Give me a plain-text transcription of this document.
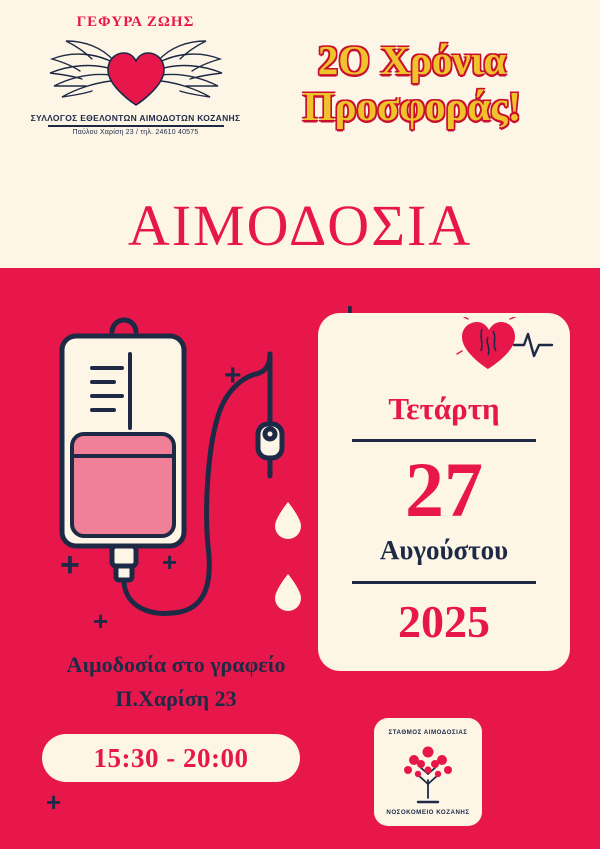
ΓΕΦΥΡΑ ΖΩΗΣ
ΣΥΛΛΟΓΟΣ ΕΘΕΛΟΝΤΩΝ ΑΙΜΟΔΟΤΩΝ ΚΟΖΑΝΗΣ
Παύλου Χαρίση 23 / τηλ. 24610 40575
2Ο Χρόνια
Προσφοράς!
ΑΙΜΟΔΟΣΙΑ
+
+	+
+
+
Τετάρτη
27
Αυγούστου
2025
Αιμοδοσία στο γραφείο
Π.Χαρίση 23
15:30 - 20:00
ΣΤΑΘΜΟΣ ΑΙΜΟΔΟΣΙΑΣ
ΝΟΣΟΚΟΜΕΙΟ ΚΟΖΑΝΗΣ
